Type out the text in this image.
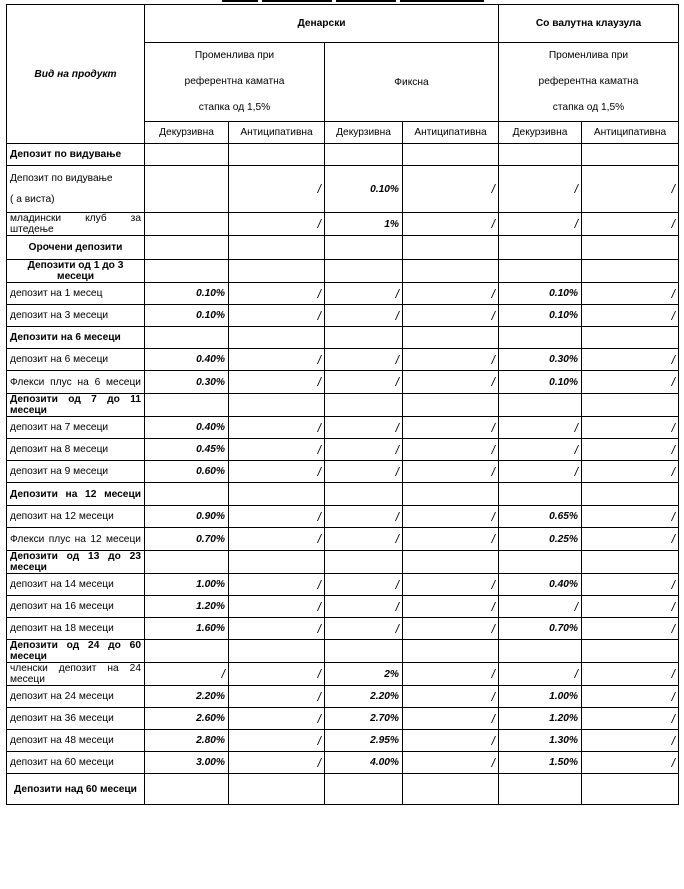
Вид на продукт	Денарски				Со валутна клаузула	

	Променлива при
референтна каматна
стапка од 1,5%		Фиксна		Променлива при
референтна каматна
стапка од 1,5%	

	Декурзивна	Антиципативна	Декурзивна	Антиципативна	Декурзивна	Антиципативна

Депозит по видување						

Депозит по видување
( а виста)		/	0.10%	/	/	/

младински клуб за штедење		/	1%	/	/	/

Орочени депозити						

Депозити од 1 до 3 месеци						

депозит на 1 месец	0.10%	/	/	/	0.10%	/

депозит на 3 месеци	0.10%	/	/	/	0.10%	/

Депозити на 6 месеци						

депозит на 6 месеци	0.40%	/	/	/	0.30%	/

Флекси плус на 6 месеци	0.30%	/	/	/	0.10%	/

Депозити од 7 до 11 месеци						

депозит на 7 месеци	0.40%	/	/	/	/	/

депозит на 8 месеци	0.45%	/	/	/	/	/

депозит на 9 месеци	0.60%	/	/	/	/	/

Депозити на 12 месеци						

депозит на 12 месеци	0.90%	/	/	/	0.65%	/

Флекси плус на 12 месеци	0.70%	/	/	/	0.25%	/

Депозити од 13 до 23 месеци						

депозит на 14 месеци	1.00%	/	/	/	0.40%	/

депозит на 16 месеци	1.20%	/	/	/	/	/

депозит на 18 месеци	1.60%	/	/	/	0.70%	/

Депозити од 24 до 60 месеци						

членски депозит на 24 месеци	/	/	2%	/	/	/

депозит на 24 месеци	2.20%	/	2.20%	/	1.00%	/

депозит на 36 месеци	2.60%	/	2.70%	/	1.20%	/

депозит на 48 месеци	2.80%	/	2.95%	/	1.30%	/

депозит на 60 месеци	3.00%	/	4.00%	/	1.50%	/

Депозити над 60 месеци						
